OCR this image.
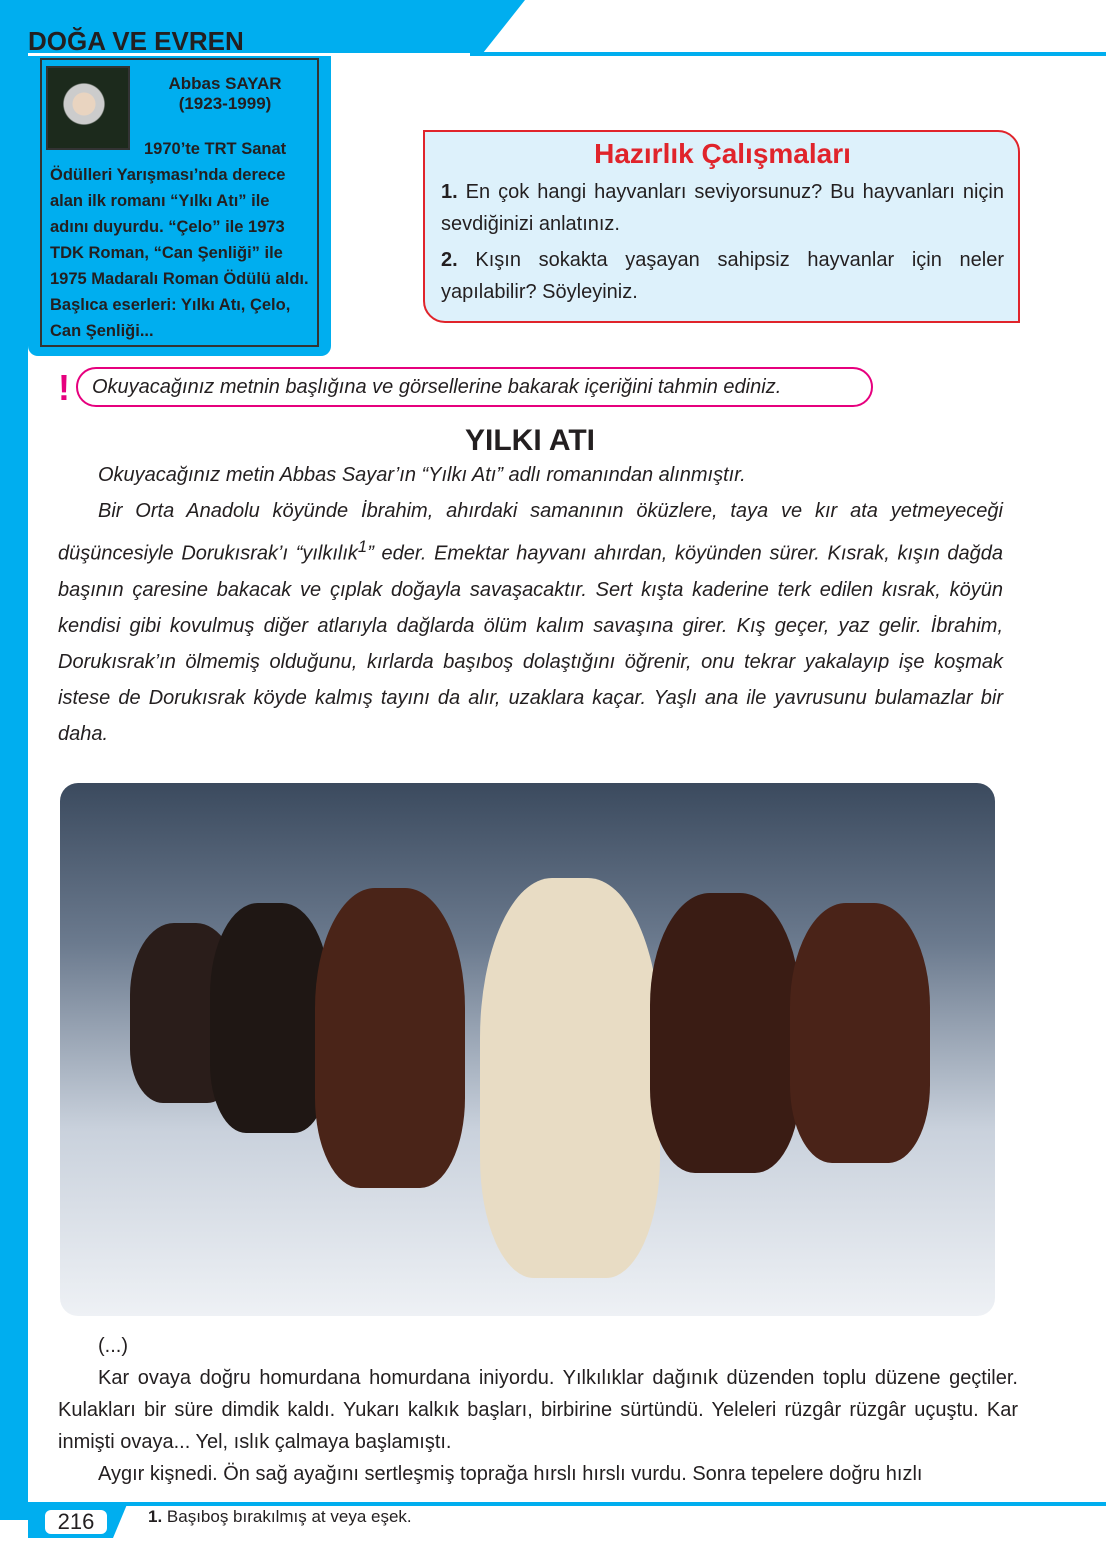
DOĞA VE EVREN
Abbas SAYAR
(1923-1999)
1970’te TRT Sanat
Ödülleri Yarışması’nda derece alan ilk romanı “Yılkı Atı” ile adını duyurdu. “Çelo” ile 1973 TDK Roman, “Can Şenliği” ile 1975 Madaralı Roman Ödülü aldı. Başlıca eserleri: Yılkı Atı, Çelo, Can Şenliği...
Hazırlık Çalışmaları

1. En çok hangi hayvanları seviyorsunuz? Bu hayvanları niçin sevdiğinizi anlatınız.

2. Kışın sokakta yaşayan sahipsiz hayvanlar için neler yapılabilir? Söyleyiniz.

!	Okuyacağınız metnin başlığına ve görsellerine bakarak içeriğini tahmin ediniz.
YILKI ATI

Okuyacağınız metin Abbas Sayar’ın “Yılkı Atı” adlı romanından alınmıştır.

Bir Orta Anadolu köyünde İbrahim, ahırdaki samanının öküzlere, taya ve kır ata yetmeyeceği düşüncesiyle Dorukısrak’ı “yılkılık$^1$” eder. Emektar hayvanı ahırdan, köyünden sürer. Kısrak, kışın dağda başının çaresine bakacak ve çıplak doğayla savaşacaktır. Sert kışta kaderine terk edilen kısrak, köyün kendisi gibi kovulmuş diğer atlarıyla dağlarda ölüm kalım savaşına girer. Kış geçer, yaz gelir. İbrahim, Dorukısrak’ın ölmemiş olduğunu, kırlarda başıboş dolaştığını öğrenir, onu tekrar yakalayıp işe koşmak istese de Dorukısrak köyde kalmış tayını da alır, uzaklara kaçar. Yaşlı ana ile yavrusunu bulamazlar bir daha.

(...)

Kar ovaya doğru homurdana homurdana iniyordu. Yılkılıklar dağınık düzenden toplu düzene geçtiler. Kulakları bir süre dimdik kaldı. Yukarı kalkık başları, birbirine sürtündü. Yeleleri rüzgâr rüzgâr uçuştu. Kar inmişti ovaya... Yel, ıslık çalmaya başlamıştı.

Aygır kişnedi. Ön sağ ayağını sertleşmiş toprağa hırslı hırslı vurdu. Sonra tepelere doğru hızlı

216	1. Başıboş bırakılmış at veya eşek.
